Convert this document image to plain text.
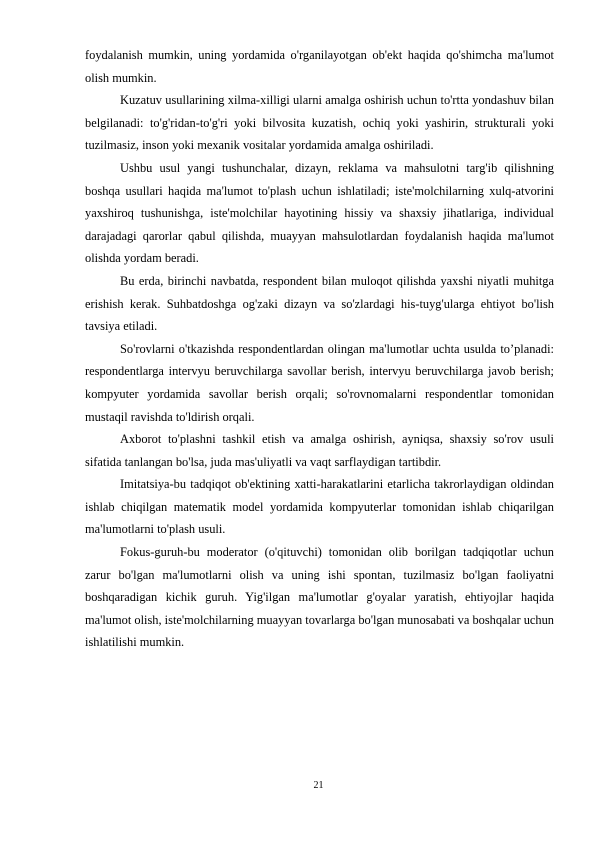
foydalanish mumkin, uning yordamida o'rganilayotgan ob'ekt haqida qo'shimcha ma'lumot olish mumkin.

Kuzatuv usullarining xilma-xilligi ularni amalga oshirish uchun to'rtta yondashuv bilan belgilanadi: to'g'ridan-to'g'ri yoki bilvosita kuzatish, ochiq yoki yashirin, strukturali yoki tuzilmasiz, inson yoki mexanik vositalar yordamida amalga oshiriladi.

Ushbu usul yangi tushunchalar, dizayn, reklama va mahsulotni targ'ib qilishning boshqa usullari haqida ma'lumot to'plash uchun ishlatiladi; iste'molchilarning xulq-atvorini yaxshiroq tushunishga, iste'molchilar hayotining hissiy va shaxsiy jihatlariga, individual darajadagi qarorlar qabul qilishda, muayyan mahsulotlardan foydalanish haqida ma'lumot olishda yordam beradi.

Bu erda, birinchi navbatda, respondent bilan muloqot qilishda yaxshi niyatli muhitga erishish kerak. Suhbatdoshga og'zaki dizayn va so'zlardagi his-tuyg'ularga ehtiyot bo'lish tavsiya etiladi.

So'rovlarni o'tkazishda respondentlardan olingan ma'lumotlar uchta usulda to’planadi: respondentlarga intervyu beruvchilarga savollar berish, intervyu beruvchilarga javob berish; kompyuter yordamida savollar berish orqali; so'rovnomalarni respondentlar tomonidan mustaqil ravishda to'ldirish orqali.

Axborot to'plashni tashkil etish va amalga oshirish, ayniqsa, shaxsiy so'rov usuli sifatida tanlangan bo'lsa, juda mas'uliyatli va vaqt sarflaydigan tartibdir.

Imitatsiya-bu tadqiqot ob'ektining xatti-harakatlarini etarlicha takrorlaydigan oldindan ishlab chiqilgan matematik model yordamida kompyuterlar tomonidan ishlab chiqarilgan ma'lumotlarni to'plash usuli.

Fokus-guruh-bu moderator (o'qituvchi) tomonidan olib borilgan tadqiqotlar uchun zarur bo'lgan ma'lumotlarni olish va uning ishi spontan, tuzilmasiz bo'lgan faoliyatni boshqaradigan kichik guruh. Yig'ilgan ma'lumotlar g'oyalar yaratish, ehtiyojlar haqida ma'lumot olish, iste'molchilarning muayyan tovarlarga bo'lgan munosabati va boshqalar uchun ishlatilishi mumkin.

21
